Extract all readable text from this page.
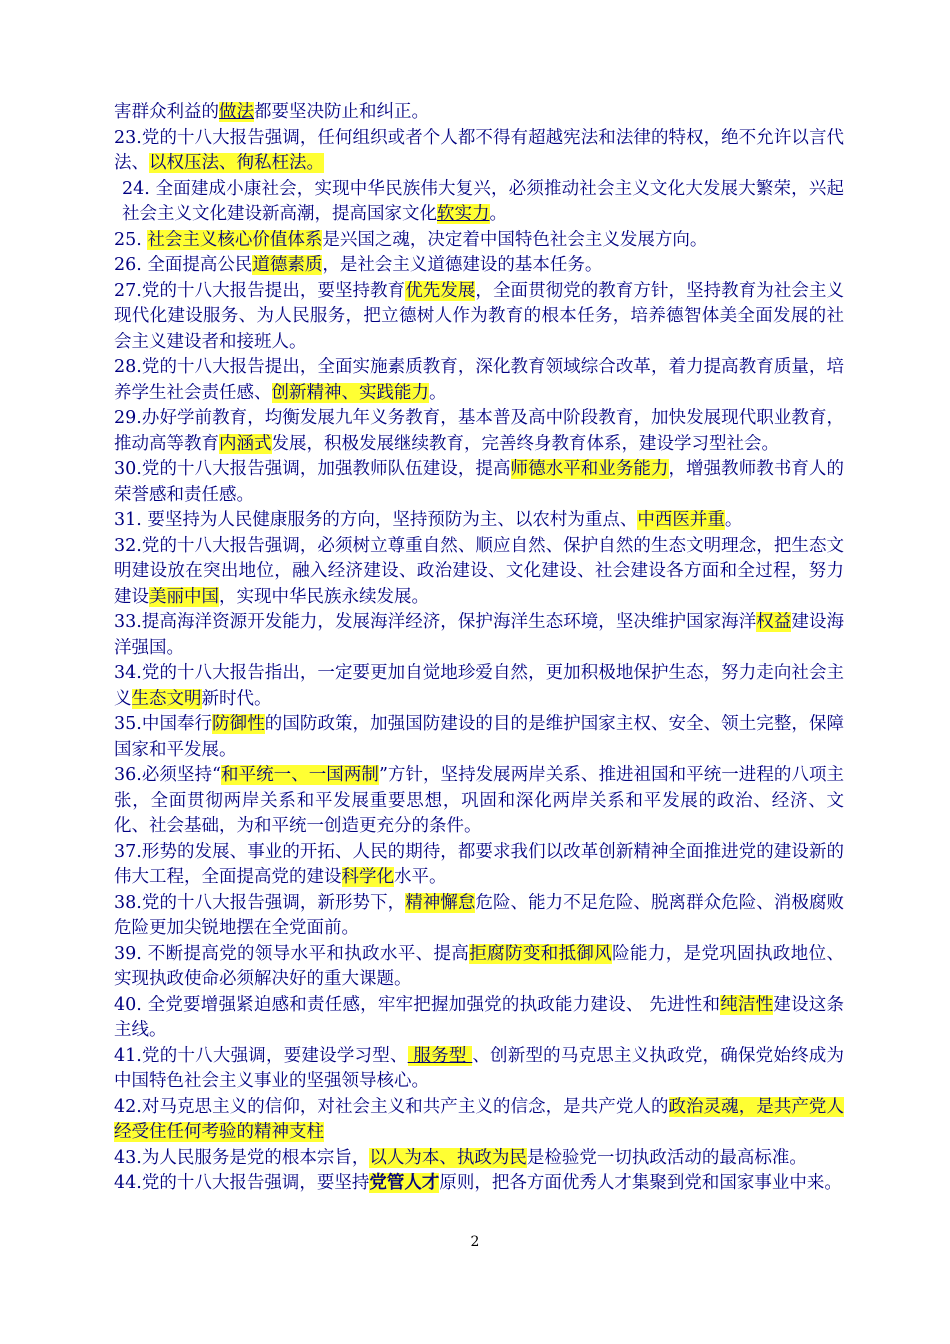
害群众利益的做法都要坚决防止和纠正。

23.党的十八大报告强调，任何组织或者个人都不得有超越宪法和法律的特权，绝不允许以言代法、以权压法、徇私枉法。

24. 全面建成小康社会，实现中华民族伟大复兴，必须推动社会主义文化大发展大繁荣，兴起社会主义文化建设新高潮，提高国家文化软实力。

25. 社会主义核心价值体系是兴国之魂，决定着中国特色社会主义发展方向。

26. 全面提高公民道德素质，是社会主义道德建设的基本任务。

27.党的十八大报告提出，要坚持教育优先发展，全面贯彻党的教育方针，坚持教育为社会主义现代化建设服务、为人民服务，把立德树人作为教育的根本任务，培养德智体美全面发展的社会主义建设者和接班人。

28.党的十八大报告提出，全面实施素质教育，深化教育领域综合改革，着力提高教育质量，培养学生社会责任感、创新精神、实践能力。

29.办好学前教育，均衡发展九年义务教育，基本普及高中阶段教育，加快发展现代职业教育，推动高等教育内涵式发展，积极发展继续教育，完善终身教育体系，建设学习型社会。

30.党的十八大报告强调，加强教师队伍建设，提高师德水平和业务能力，增强教师教书育人的荣誉感和责任感。

31. 要坚持为人民健康服务的方向，坚持预防为主、以农村为重点、中西医并重。

32.党的十八大报告强调，必须树立尊重自然、顺应自然、保护自然的生态文明理念，把生态文明建设放在突出地位，融入经济建设、政治建设、文化建设、社会建设各方面和全过程，努力建设美丽中国，实现中华民族永续发展。

33.提高海洋资源开发能力，发展海洋经济，保护海洋生态环境，坚决维护国家海洋权益建设海洋强国。

34.党的十八大报告指出，一定要更加自觉地珍爱自然，更加积极地保护生态，努力走向社会主义生态文明新时代。

35.中国奉行防御性的国防政策，加强国防建设的目的是维护国家主权、安全、领土完整，保障国家和平发展。

36.必须坚持“和平统一、一国两制”方针，坚持发展两岸关系、推进祖国和平统一进程的八项主张，全面贯彻两岸关系和平发展重要思想，巩固和深化两岸关系和平发展的政治、经济、文化、社会基础，为和平统一创造更充分的条件。

37.形势的发展、事业的开拓、人民的期待，都要求我们以改革创新精神全面推进党的建设新的伟大工程，全面提高党的建设科学化水平。

38.党的十八大报告强调，新形势下，精神懈怠危险、能力不足危险、脱离群众危险、消极腐败危险更加尖锐地摆在全党面前。

39. 不断提高党的领导水平和执政水平、提高拒腐防变和抵御风险能力，是党巩固执政地位、实现执政使命必须解决好的重大课题。

40. 全党要增强紧迫感和责任感，牢牢把握加强党的执政能力建设、 先进性和纯洁性建设这条主线。

41.党的十八大强调，要建设学习型、 服务型 、创新型的马克思主义执政党，确保党始终成为中国特色社会主义事业的坚强领导核心。

42.对马克思主义的信仰，对社会主义和共产主义的信念，是共产党人的政治灵魂，是共产党人经受住任何考验的精神支柱

43.为人民服务是党的根本宗旨，以人为本、执政为民是检验党一切执政活动的最高标准。

44.党的十八大报告强调，要坚持党管人才原则，把各方面优秀人才集聚到党和国家事业中来。

2
